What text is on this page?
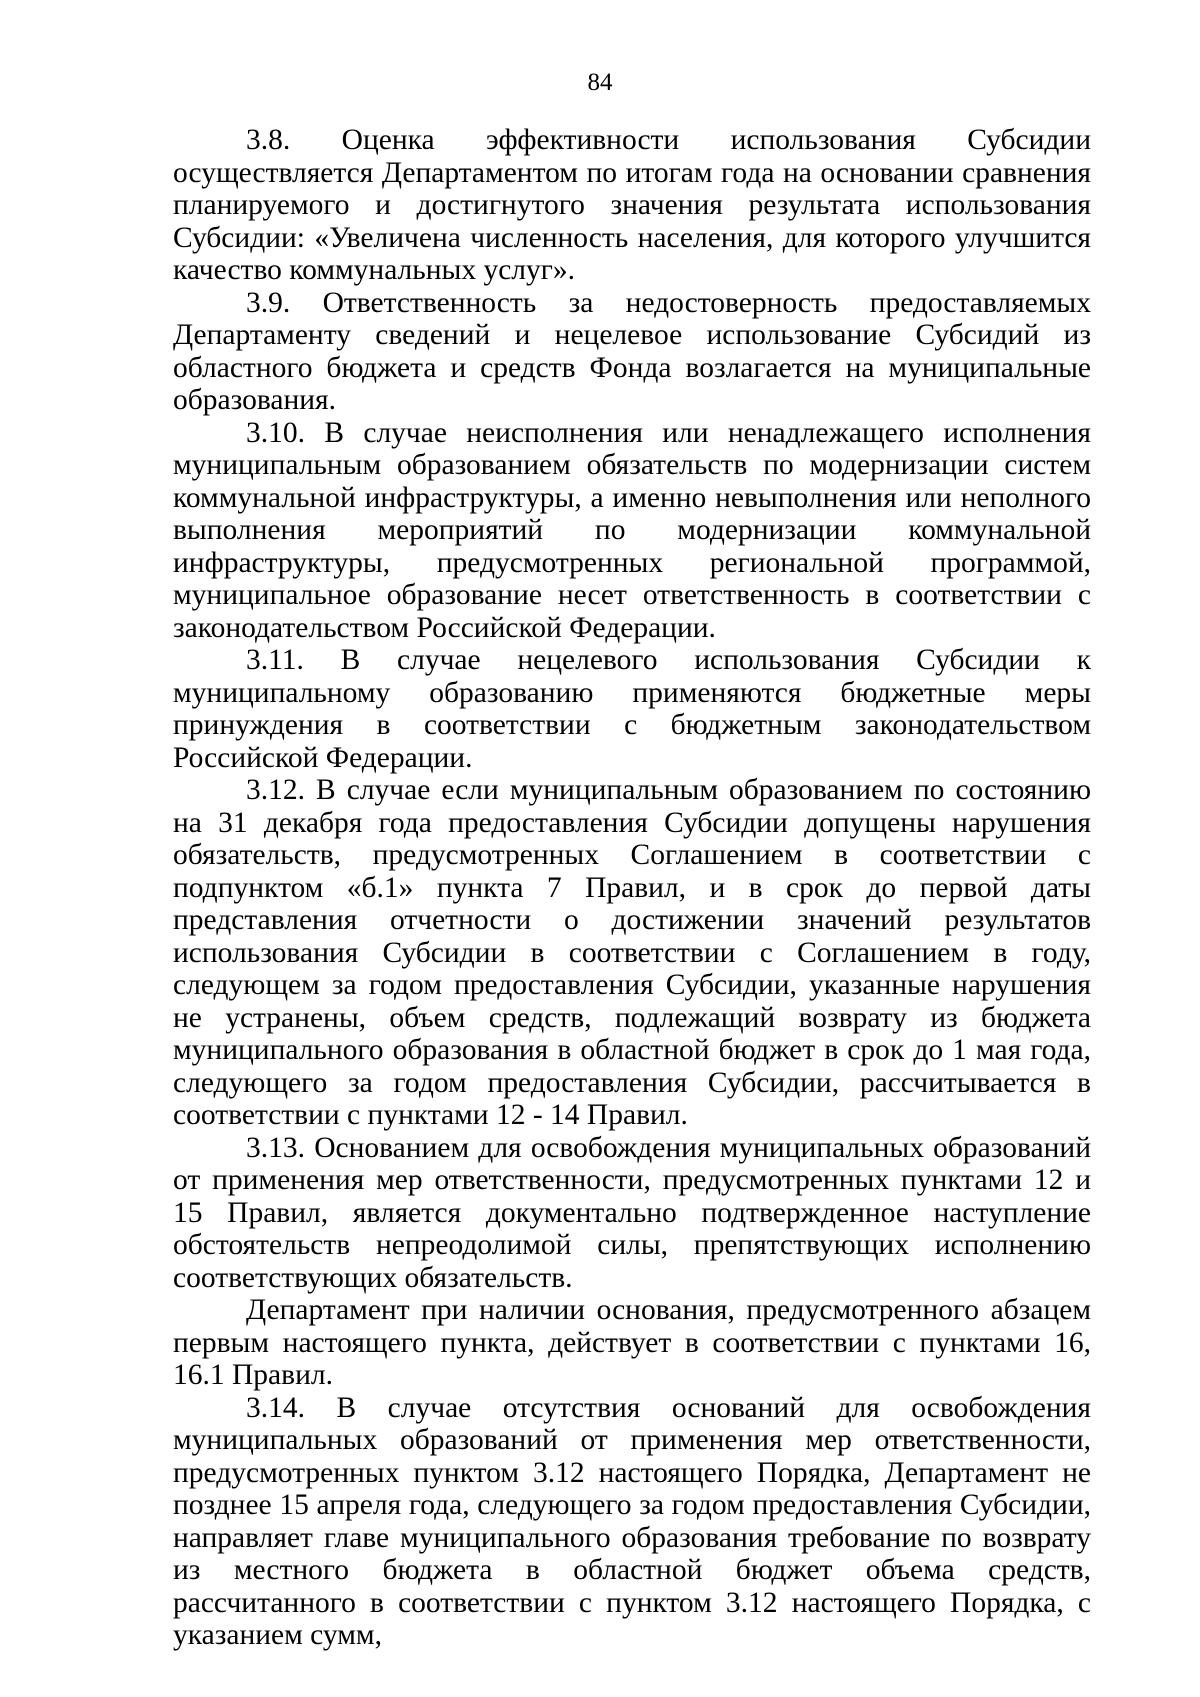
84

3.8. Оценка эффективности использования Субсидии осуществляется Департаментом по итогам года на основании сравнения планируемого и достигнутого значения результата использования Субсидии: «Увеличена численность населения, для которого улучшится качество коммунальных услуг».

3.9. Ответственность за недостоверность предоставляемых Департаменту сведений и нецелевое использование Субсидий из областного бюджета и средств Фонда возлагается на муниципальные образования.

3.10. В случае неисполнения или ненадлежащего исполнения муниципальным образованием обязательств по модернизации систем коммунальной инфраструктуры, а именно невыполнения или неполного выполнения мероприятий по модернизации коммунальной инфраструктуры, предусмотренных региональной программой, муниципальное образование несет ответственность в соответствии с законодательством Российской Федерации.

3.11. В случае нецелевого использования Субсидии к муниципальному образованию применяются бюджетные меры принуждения в соответствии с бюджетным законодательством Российской Федерации.

3.12. В случае если муниципальным образованием по состоянию на 31 декабря года предоставления Субсидии допущены нарушения обязательств, предусмотренных Соглашением в соответствии с подпунктом «б.1» пункта 7 Правил, и в срок до первой даты представления отчетности о достижении значений результатов использования Субсидии в соответствии с Соглашением в году, следующем за годом предоставления Субсидии, указанные нарушения не устранены, объем средств, подлежащий возврату из бюджета муниципального образования в областной бюджет в срок до 1 мая года, следующего за годом предоставления Субсидии, рассчитывается в соответствии с пунктами 12 - 14 Правил.

3.13. Основанием для освобождения муниципальных образований от применения мер ответственности, предусмотренных пунктами 12 и 15 Правил, является документально подтвержденное наступление обстоятельств непреодолимой силы, препятствующих исполнению соответствующих обязательств.

Департамент при наличии основания, предусмотренного абзацем первым настоящего пункта, действует в соответствии с пунктами 16, 16.1 Правил.

3.14. В случае отсутствия оснований для освобождения муниципальных образований от применения мер ответственности, предусмотренных пунктом 3.12 настоящего Порядка, Департамент не позднее 15 апреля года, следующего за годом предоставления Субсидии, направляет главе муниципального образования требование по возврату из местного бюджета в областной бюджет объема средств, рассчитанного в соответствии с пунктом 3.12 настоящего Порядка, с указанием сумм,
